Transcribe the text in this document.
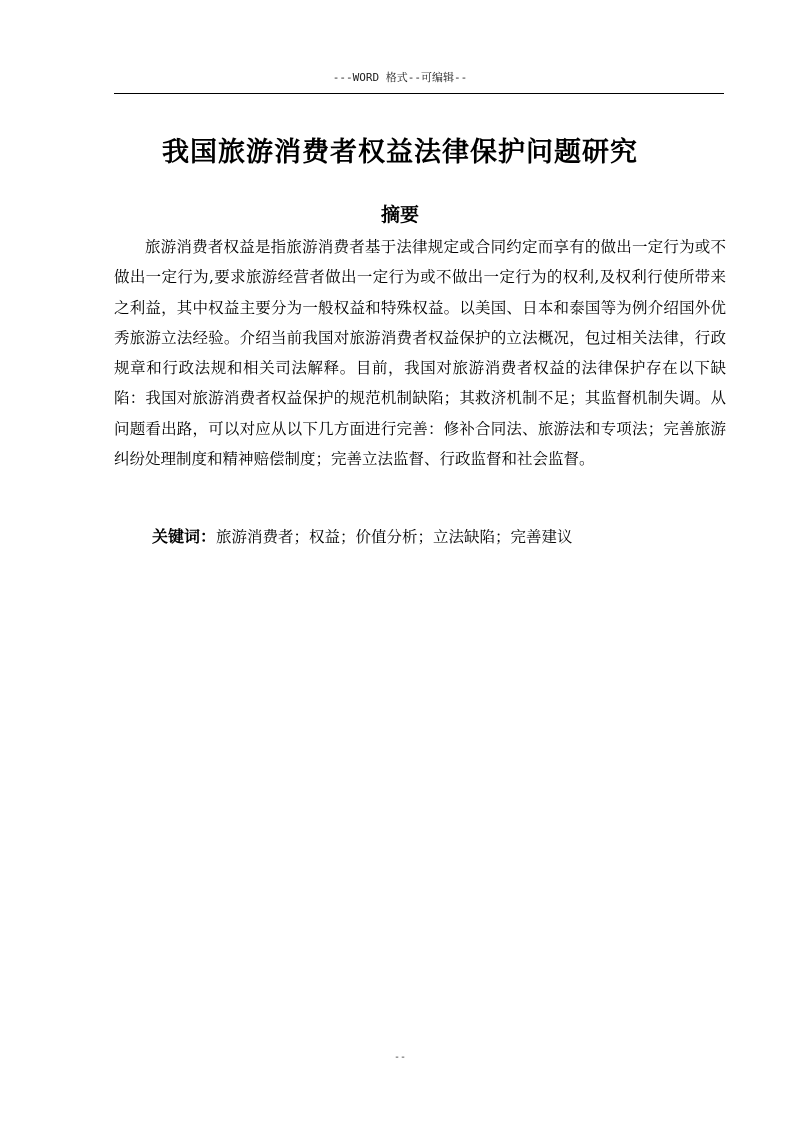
---WORD 格式--可编辑--
我国旅游消费者权益法律保护问题研究
摘要

旅游消费者权益是指旅游消费者基于法律规定或合同约定而享有的做出一定行为或不做出一定行为,要求旅游经营者做出一定行为或不做出一定行为的权利,及权利行使所带来之利益，其中权益主要分为一般权益和特殊权益。以美国、日本和泰国等为例介绍国外优秀旅游立法经验。介绍当前我国对旅游消费者权益保护的立法概况，包过相关法律，行政规章和行政法规和相关司法解释。目前，我国对旅游消费者权益的法律保护存在以下缺陷：我国对旅游消费者权益保护的规范机制缺陷；其救济机制不足；其监督机制失调。从问题看出路，可以对应从以下几方面进行完善：修补合同法、旅游法和专项法；完善旅游纠纷处理制度和精神赔偿制度；完善立法监督、行政监督和社会监督。

关键词：旅游消费者；权益；价值分析；立法缺陷；完善建议
--
